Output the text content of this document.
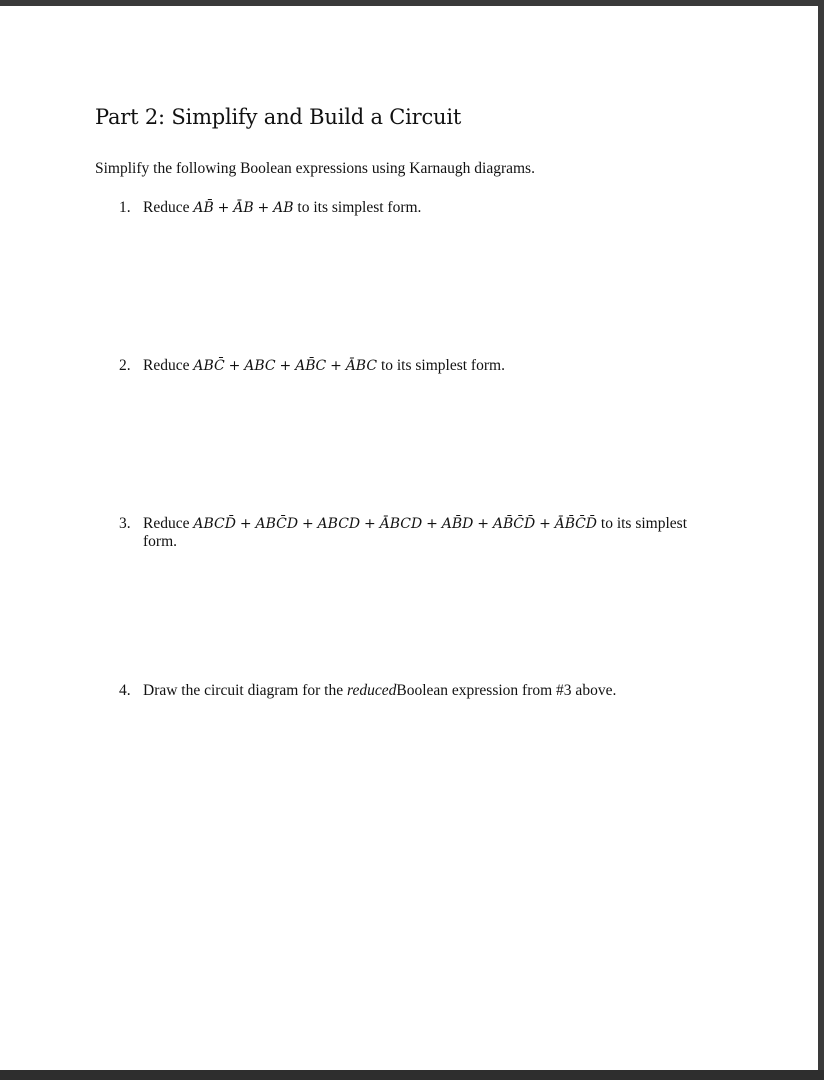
Part 2: Simplify and Build a Circuit

Simplify the following Boolean expressions using Karnaugh diagrams.

1. Reduce AB̄ + ĀB + AB to its simplest form.
2. Reduce ABC̄ + ABC + AB̄C + ĀBC to its simplest form.
3. Reduce ABCD̄ + ABC̄D + ABCD + ĀBCD + AB̄D + AB̄C̄D̄ + ĀB̄C̄D̄ to its simplest
form.
4. Draw the circuit diagram for the reducedBoolean expression from #3 above.
